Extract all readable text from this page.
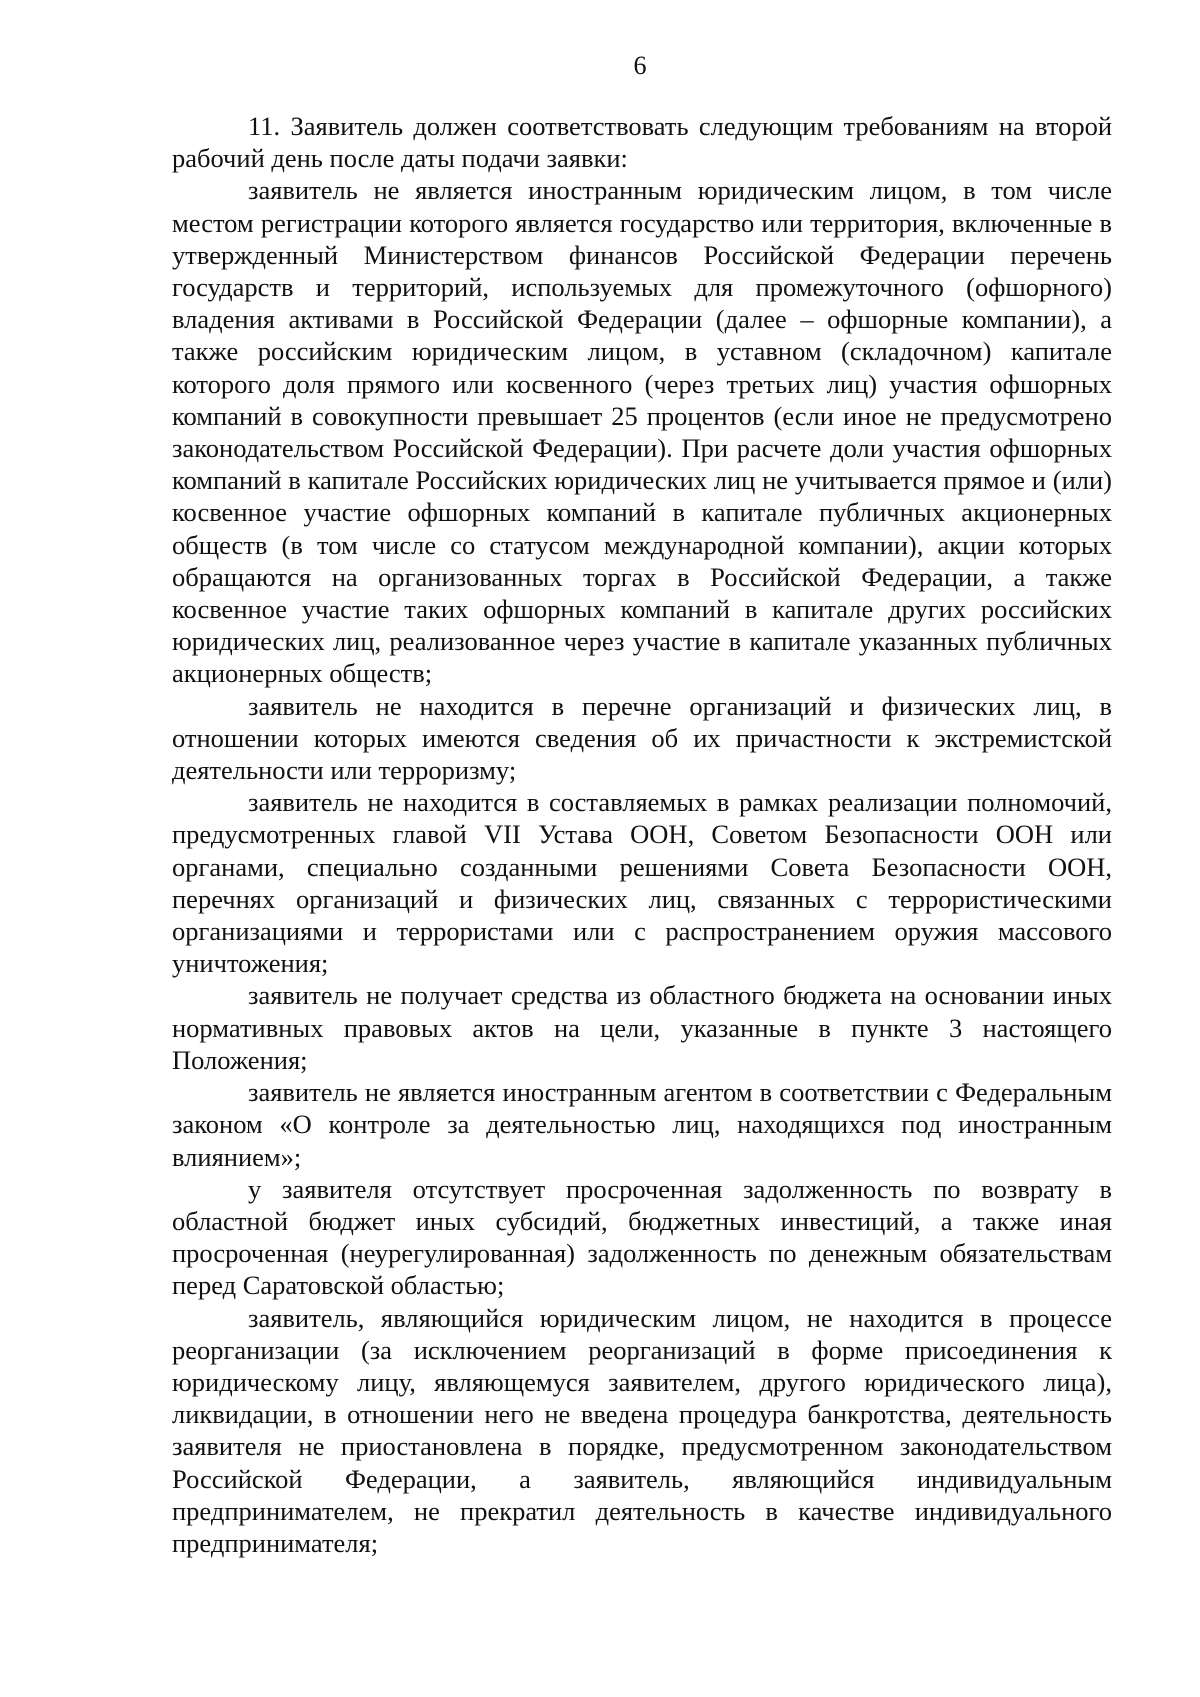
6

11. Заявитель должен соответствовать следующим требованиям на второй рабочий день после даты подачи заявки:

заявитель не является иностранным юридическим лицом, в том числе местом регистрации которого является государство или территория, включенные в утвержденный Министерством финансов Российской Федерации перечень государств и территорий, используемых для промежуточного (офшорного) владения активами в Российской Федерации (далее – офшорные компании), а также российским юридическим лицом, в уставном (складочном) капитале которого доля прямого или косвенного (через третьих лиц) участия офшорных компаний в совокупности превышает 25 процентов (если иное не предусмотрено законодательством Российской Федерации). При расчете доли участия офшорных компаний в капитале Российских юридических лиц не учитывается прямое и (или) косвенное участие офшорных компаний в капитале публичных акционерных обществ (в том числе со статусом международной компании), акции которых обращаются на организованных торгах в Российской Федерации, а также косвенное участие таких офшорных компаний в капитале других российских юридических лиц, реализованное через участие в капитале указанных публичных акционерных обществ;

заявитель не находится в перечне организаций и физических лиц, в отношении которых имеются сведения об их причастности к экстремистской деятельности или терроризму;

заявитель не находится в составляемых в рамках реализации полномочий, предусмотренных главой VII Устава ООН, Советом Безопасности ООН или органами, специально созданными решениями Совета Безопасности ООН, перечнях организаций и физических лиц, связанных с террористическими организациями и террористами или с распространением оружия массового уничтожения;

заявитель не получает средства из областного бюджета на основании иных нормативных правовых актов на цели, указанные в пункте 3 настоящего Положения;

заявитель не является иностранным агентом в соответствии с Федеральным законом «О контроле за деятельностью лиц, находящихся под иностранным влиянием»;

у заявителя отсутствует просроченная задолженность по возврату в областной бюджет иных субсидий, бюджетных инвестиций, а также иная просроченная (неурегулированная) задолженность по денежным обязательствам перед Саратовской областью;

заявитель, являющийся юридическим лицом, не находится в процессе реорганизации (за исключением реорганизаций в форме присоединения к юридическому лицу, являющемуся заявителем, другого юридического лица), ликвидации, в отношении него не введена процедура банкротства, деятельность заявителя не приостановлена в порядке, предусмотренном законодательством Российской Федерации, а заявитель, являющийся индивидуальным предпринимателем, не прекратил деятельность в качестве индивидуального предпринимателя;
